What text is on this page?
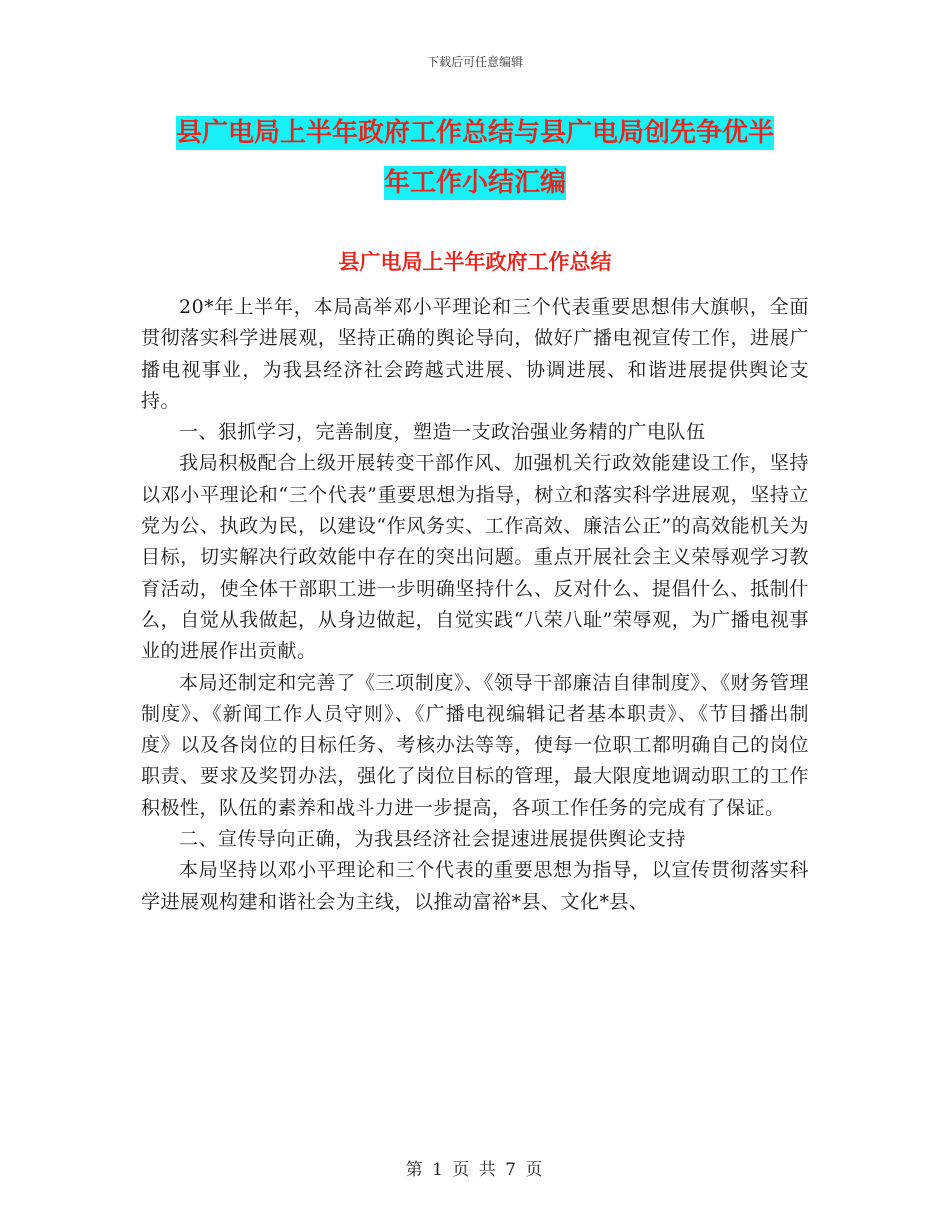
下载后可任意编辑
县广电局上半年政府工作总结与县广电局创先争优半
年工作小结汇编
县广电局上半年政府工作总结

20*年上半年，本局高举邓小平理论和三个代表重要思想伟大旗帜，全面贯彻落实科学进展观，坚持正确的舆论导向，做好广播电视宣传工作，进展广播电视事业，为我县经济社会跨越式进展、协调进展、和谐进展提供舆论支持。

一、狠抓学习，完善制度，塑造一支政治强业务精的广电队伍

我局积极配合上级开展转变干部作风、加强机关行政效能建设工作，坚持以邓小平理论和“三个代表”重要思想为指导，树立和落实科学进展观，坚持立党为公、执政为民，以建设“作风务实、工作高效、廉洁公正”的高效能机关为目标，切实解决行政效能中存在的突出问题。重点开展社会主义荣辱观学习教育活动，使全体干部职工进一步明确坚持什么、反对什么、提倡什么、抵制什么，自觉从我做起，从身边做起，自觉实践“八荣八耻”荣辱观，为广播电视事业的进展作出贡献。

本局还制定和完善了《三项制度》、《领导干部廉洁自律制度》、《财务管理制度》、《新闻工作人员守则》、《广播电视编辑记者基本职责》、《节目播出制度》以及各岗位的目标任务、考核办法等等，使每一位职工都明确自己的岗位职责、要求及奖罚办法，强化了岗位目标的管理，最大限度地调动职工的工作积极性，队伍的素养和战斗力进一步提高，各项工作任务的完成有了保证。

二、宣传导向正确，为我县经济社会提速进展提供舆论支持

本局坚持以邓小平理论和三个代表的重要思想为指导，以宣传贯彻落实科学进展观构建和谐社会为主线，以推动富裕*县、文化*县、

第 1 页 共 7 页
